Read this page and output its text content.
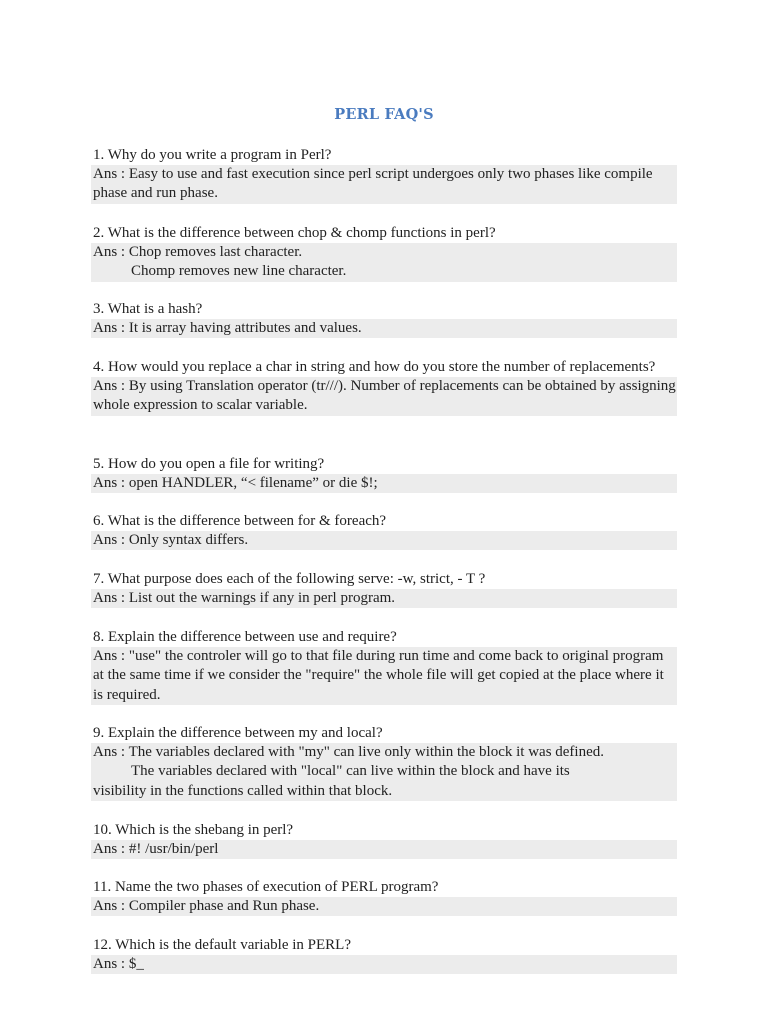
PERL FAQ'S
1. Why do you write a program in Perl?
Ans : Easy to use and fast execution since perl script undergoes only two phases like compile phase and run phase.
2. What is the difference between chop & chomp functions in perl?
Ans : Chop removes last character.
Chomp removes new line character.
3. What is a hash?
Ans : It is array having attributes and values.
4. How would you replace a char in string and how do you store the number of replacements?
Ans : By using Translation operator (tr///). Number of replacements can be obtained by assigning whole expression to scalar variable.
5. How do you open a file for writing?
Ans : open HANDLER, “< filename” or die $!;
6. What is the difference between for & foreach?
Ans : Only syntax differs.
7. What purpose does each of the following serve: -w, strict, - T ?
Ans : List out the warnings if any in perl program.
8. Explain the difference between use and require?
Ans : "use" the controler will go to that file during run time and come back to original program at the same time if we consider the "require" the whole file will get copied at the place where it is required.
9. Explain the difference between my and local?
Ans : The variables declared with "my" can live only within the block it was defined.
The variables declared with "local" can live within the block and have its
visibility in the functions called within that block.
10. Which is the shebang in perl?
Ans : #! /usr/bin/perl
11. Name the two phases of execution of PERL program?
Ans : Compiler phase and Run phase.
12. Which is the default variable in PERL?
Ans : $_
